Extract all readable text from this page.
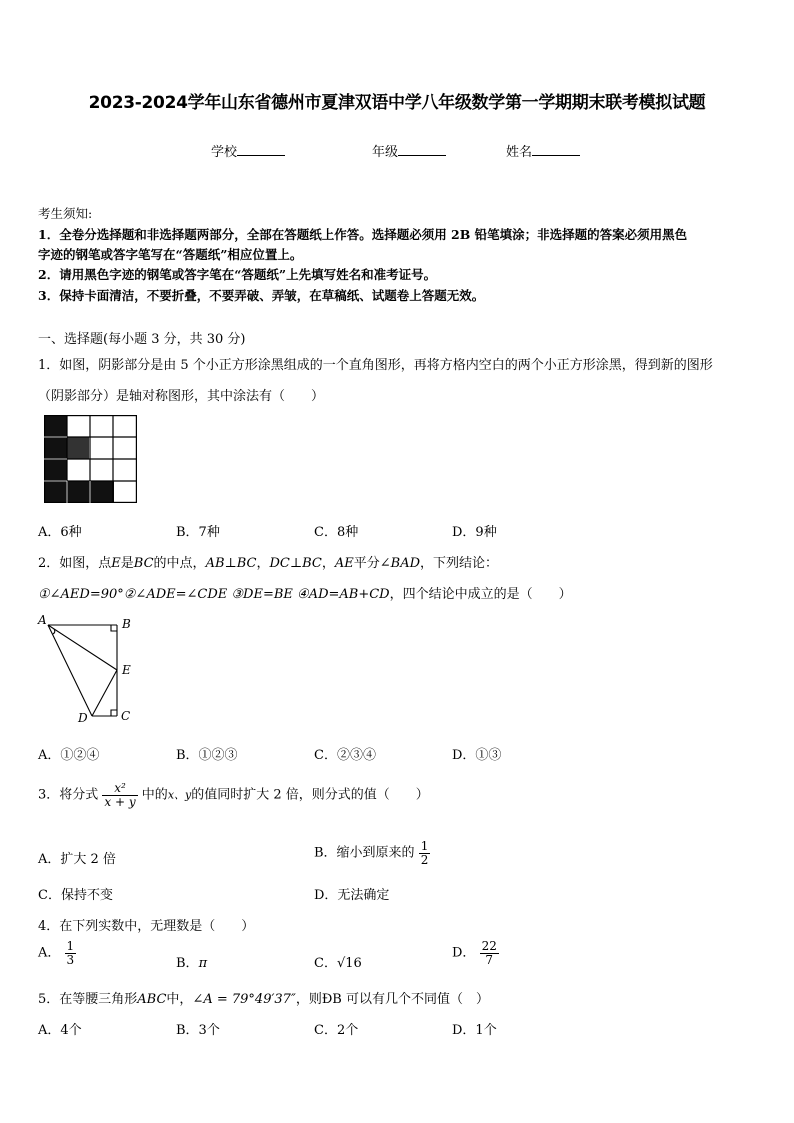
2023-2024学年山东省德州市夏津双语中学八年级数学第一学期期末联考模拟试题
学校	年级	姓名
考生须知:
1．全卷分选择题和非选择题两部分，全部在答题纸上作答。选择题必须用 2B 铅笔填涂；非选择题的答案必须用黑色
字迹的钢笔或答字笔写在“答题纸”相应位置上。
2．请用黑色字迹的钢笔或答字笔在“答题纸”上先填写姓名和准考证号。
3．保持卡面清洁，不要折叠，不要弄破、弄皱，在草稿纸、试题卷上答题无效。
一、选择题(每小题 3 分，共 30 分)
1．如图，阴影部分是由 5 个小正方形涂黑组成的一个直角图形，再将方格内空白的两个小正方形涂黑，得到新的图形
（阴影部分）是轴对称图形，其中涂法有（　　）
A．6种	B．7种	C．8种	D．9种
2．如图，点E是BC的中点，AB⊥BC，DC⊥BC，AE平分∠BAD，下列结论：
①∠AED=90°②∠ADE=∠CDE ③DE=BE ④AD=AB+CD，四个结论中成立的是（　　）
A	B
E
D	C
A．①②④	B．①②③	C．②③④	D．①③
3．将分式 $\frac{\text{x²}}{x + y}$ 中的x、y的值同时扩大 2 倍，则分式的值（　　）
A．扩大 2 倍	B．缩小到原来的 $\frac{1}{2}$
C．保持不变	D．无法确定
4．在下列实数中，无理数是（　　）
A． $\frac{1}{3}$	B．π	C．√16
D． $\frac{22}{7}$
5．在等腰三角形ABC中，∠A = 79°49′37″，则ÐB 可以有几个不同值（　）
A．4个	B．3个	C．2个	D．1个
